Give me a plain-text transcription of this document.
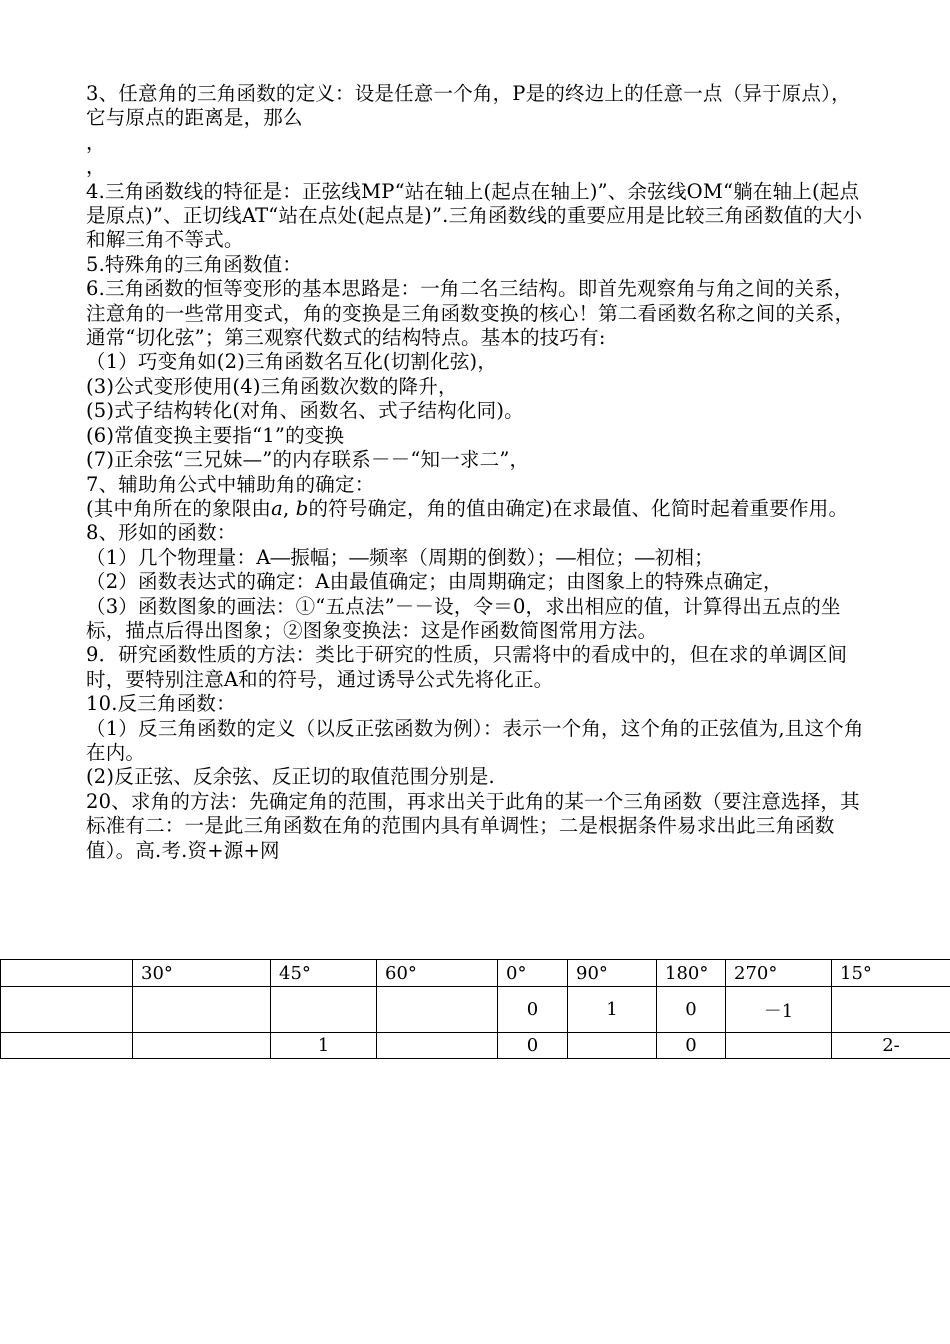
3、任意角的三角函数的定义：设是任意一个角，P是的终边上的任意一点（异于原点），

它与原点的距离是，那么

，

，

4.三角函数线的特征是：正弦线MP“站在轴上(起点在轴上)”、余弦线OM“躺在轴上(起点是原点)”、正切线AT“站在点处(起点是)”.三角函数线的重要应用是比较三角函数值的大小和解三角不等式。

5.特殊角的三角函数值：

6.三角函数的恒等变形的基本思路是：一角二名三结构。即首先观察角与角之间的关系，注意角的一些常用变式，角的变换是三角函数变换的核心！第二看函数名称之间的关系，通常“切化弦”；第三观察代数式的结构特点。基本的技巧有:

（1）巧变角如(2)三角函数名互化(切割化弦)，

(3)公式变形使用(4)三角函数次数的降升，

(5)式子结构转化(对角、函数名、式子结构化同)。

(6)常值变换主要指“1”的变换

(7)正余弦“三兄妹—”的内存联系－－“知一求二”，

7、辅助角公式中辅助角的确定：

(其中角所在的象限由a, b的符号确定，角的值由确定)在求最值、化简时起着重要作用。

8、形如的函数：

（1）几个物理量：A―振幅；―频率（周期的倒数）；―相位；―初相；

（2）函数表达式的确定：A由最值确定；由周期确定；由图象上的特殊点确定，

（3）函数图象的画法：①“五点法”－－设，令＝0，求出相应的值，计算得出五点的坐标，描点后得出图象；②图象变换法：这是作函数简图常用方法。

9．研究函数性质的方法：类比于研究的性质，只需将中的看成中的，但在求的单调区间时，要特别注意A和的符号，通过诱导公式先将化正。

10.反三角函数：

（1）反三角函数的定义（以反正弦函数为例）：表示一个角，这个角的正弦值为,且这个角在内。

(2)反正弦、反余弦、反正切的取值范围分别是.

20、求角的方法：先确定角的范围，再求出关于此角的某一个三角函数（要注意选择，其标准有二：一是此三角函数在角的范围内具有单调性；二是根据条件易求出此三角函数值）。高.考.资+源+网

	30°	45°	60°	0°	90°	180°	270°	15°
				0	1	0	－1	
		1		0		0		2-
